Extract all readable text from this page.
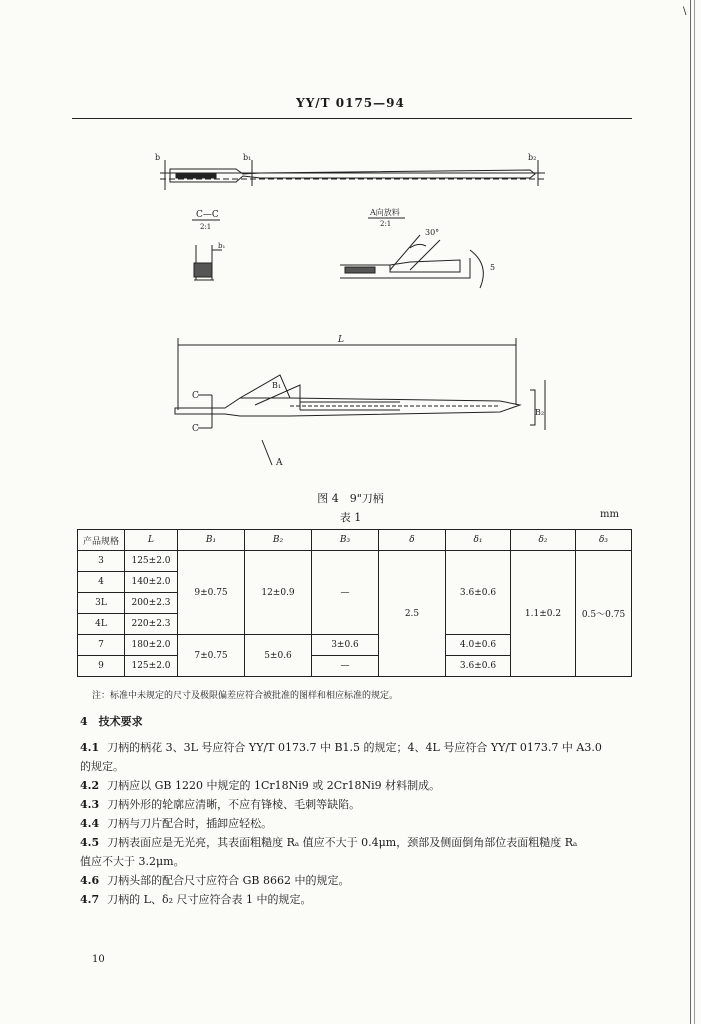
\
YY/T 0175—94
b	b₁	b₂
C—C
2:1
b₁
A向放料
2:1
30°
5
L
B₁
B₂
C
C
A
图 4　9"刀柄
表 1	mm
产品规格	L	B₁	B₂	B₃	δ	δ₁	δ₂	δ₃
3	125±2.0	9±0.75	12±0.9	—	2.5	3.6±0.6	1.1±0.2	0.5～0.75
4	140±2.0							
3L	200±2.3							
4L	220±2.3							
7	180±2.0	7±0.75	5±0.6	3±0.6		4.0±0.6		

9	125±2.0			—		3.6±0.6		
注：标准中未规定的尺寸及极限偏差应符合被批准的图样和相应标准的规定。
4　技术要求
4.1 刀柄的柄花 3、3L 号应符合 YY/T 0173.7 中 B1.5 的规定；4、4L 号应符合 YY/T 0173.7 中 A3.0
的规定。
4.2 刀柄应以 GB 1220 中规定的 1Cr18Ni9 或 2Cr18Ni9 材料制成。
4.3 刀柄外形的轮廓应清晰，不应有锋棱、毛刺等缺陷。
4.4 刀柄与刀片配合时，插卸应轻松。
4.5 刀柄表面应是无光亮，其表面粗糙度 Rₐ 值应不大于 0.4μm，颈部及侧面倒角部位表面粗糙度 Rₐ
值应不大于 3.2μm。
4.6 刀柄头部的配合尺寸应符合 GB 8662 中的规定。
4.7 刀柄的 L、δ₂ 尺寸应符合表 1 中的规定。
10
